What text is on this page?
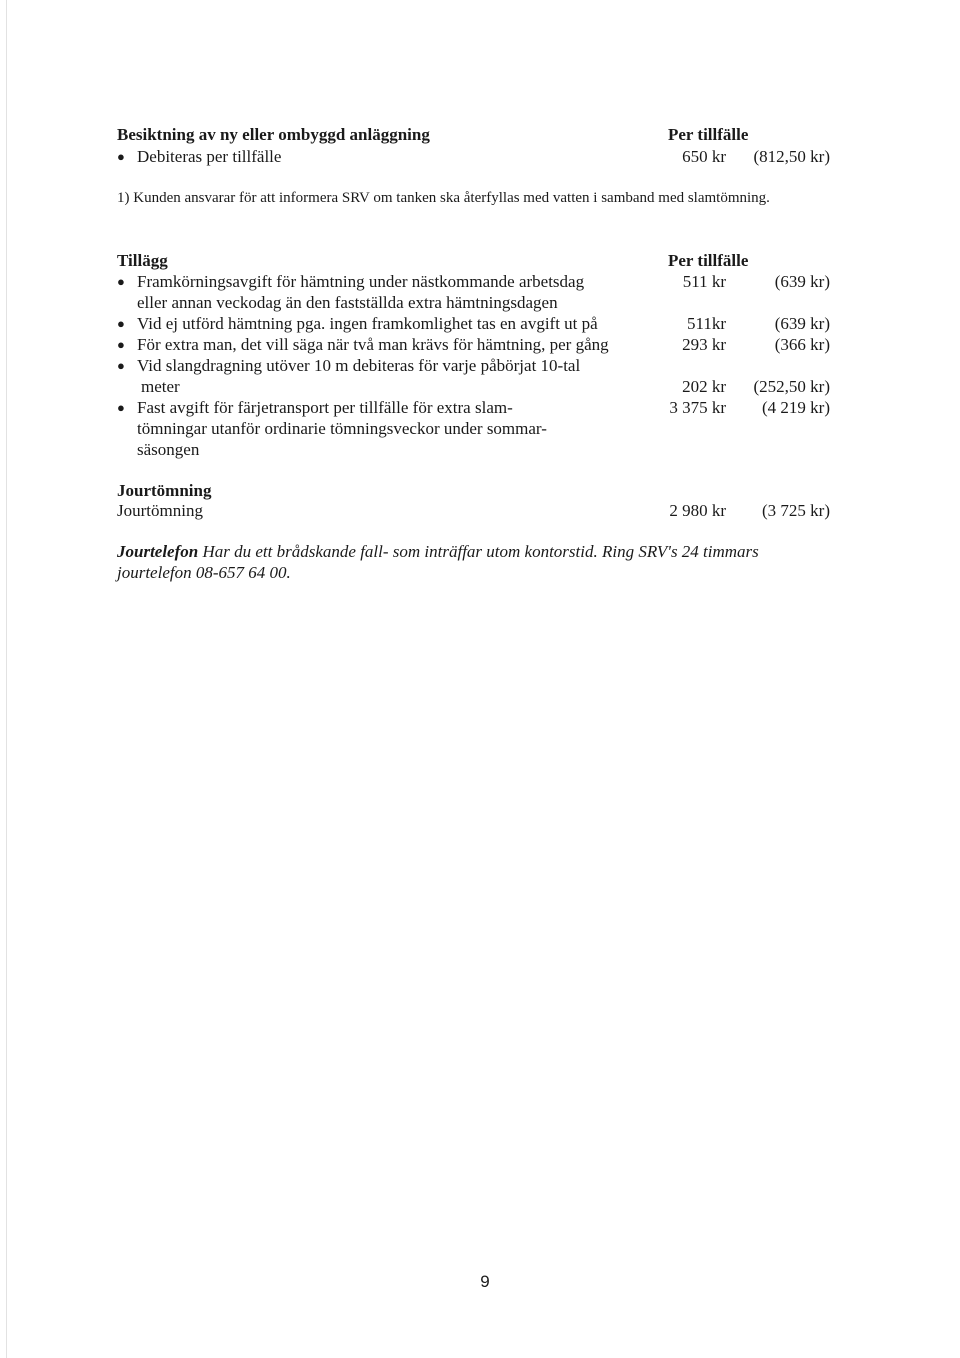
Besiktning av ny eller ombyggd anläggning	Per tillfälle
● Debiteras per tillfälle	650 kr	(812,50 kr)
1) Kunden ansvarar för att informera SRV om tanken ska återfyllas med vatten i samband med slamtömning.
Tillägg	Per tillfälle
● Framkörningsavgift för hämtning under nästkommande arbetsdag
eller annan veckodag än den fastställda extra hämtningsdagen
511 kr	(639 kr)
● Vid ej utförd hämtning pga. ingen framkomlighet tas en avgift ut på	511kr	(639 kr)
● För extra man, det vill säga när två man krävs för hämtning, per gång	293 kr	(366 kr)
● Vid slangdragning utöver 10 m debiteras för varje påbörjat 10-tal
meter	202 kr	(252,50 kr)
● Fast avgift för färjetransport per tillfälle för extra slam-
tömningar utanför ordinarie tömningsveckor under sommar-
säsongen
3 375 kr	(4 219 kr)
Jourtömning
Jourtömning	2 980 kr	(3 725 kr)
Jourtelefon Har du ett brådskande fall- som inträffar utom kontorstid. Ring SRV's 24 timmars
jourtelefon 08-657 64 00.
9
